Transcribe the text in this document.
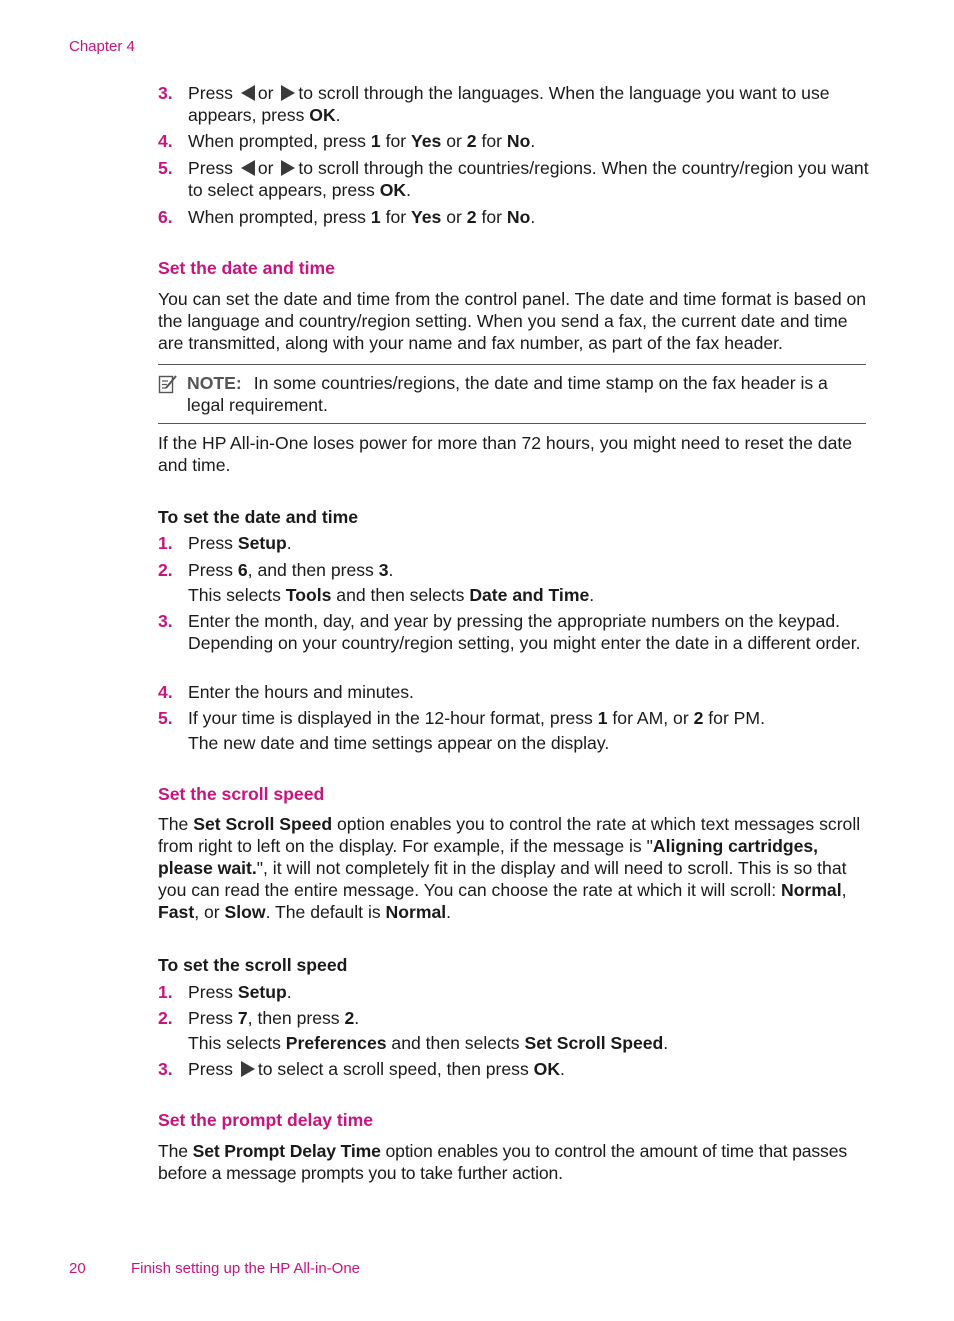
Chapter 4
3. Press or to scroll through the languages. When the language you want to use appears, press OK.
4. When prompted, press 1 for Yes or 2 for No.
5. Press or to scroll through the countries/regions. When the country/region you want to select appears, press OK.
6. When prompted, press 1 for Yes or 2 for No.
Set the date and time
You can set the date and time from the control panel. The date and time format is based on the language and country/region setting. When you send a fax, the current date and time are transmitted, along with your name and fax number, as part of the fax header.
NOTE: In some countries/regions, the date and time stamp on the fax header is a legal requirement.
If the HP All-in-One loses power for more than 72 hours, you might need to reset the date and time.
To set the date and time
1. Press Setup.
2. Press 6, and then press 3.
This selects Tools and then selects Date and Time.
3. Enter the month, day, and year by pressing the appropriate numbers on the keypad. Depending on your country/region setting, you might enter the date in a different order.
4. Enter the hours and minutes.
5. If your time is displayed in the 12-hour format, press 1 for AM, or 2 for PM.
The new date and time settings appear on the display.
Set the scroll speed
The Set Scroll Speed option enables you to control the rate at which text messages scroll from right to left on the display. For example, if the message is "Aligning cartridges, please wait.", it will not completely fit in the display and will need to scroll. This is so that you can read the entire message. You can choose the rate at which it will scroll: Normal, Fast, or Slow. The default is Normal.
To set the scroll speed
1. Press Setup.
2. Press 7, then press 2.
This selects Preferences and then selects Set Scroll Speed.
3. Press to select a scroll speed, then press OK.
Set the prompt delay time
The Set Prompt Delay Time option enables you to control the amount of time that passes before a message prompts you to take further action.
20	Finish setting up the HP All-in-One
